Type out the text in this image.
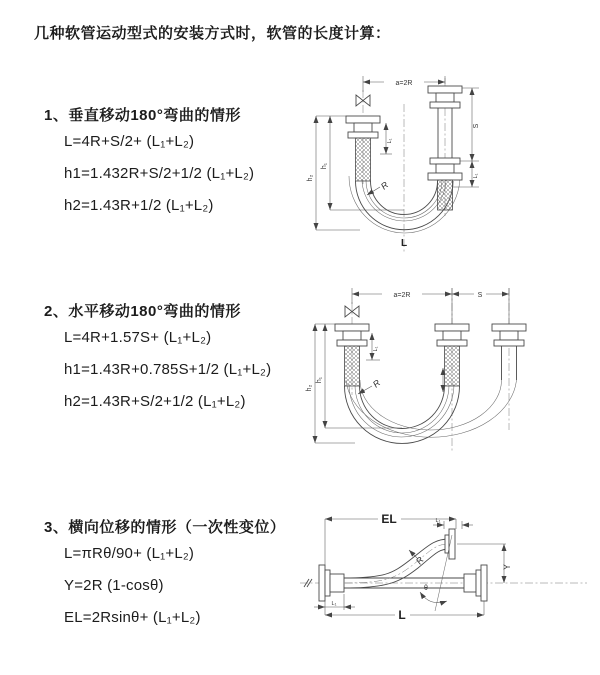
几种软管运动型式的安装方式时，软管的长度计算：
1、垂直移动180°弯曲的情形
L=4R+S/2+ (L₁+L₂)
h1=1.432R+S/2+1/2 (L₁+L₂)
h2=1.43R+1/2 (L₁+L₂)
2、水平移动180°弯曲的情形
L=4R+1.57S+ (L₁+L₂)
h1=1.43R+0.785S+1/2 (L₁+L₂)
h2=1.43R+S/2+1/2 (L₁+L₂)
3、横向位移的情形（一次性变位）
L=πRθ/90+ (L₁+L₂)
Y=2R (1-cosθ)
EL=2Rsinθ+ (L₁+L₂)
a=2R
h₂
h₁
L₁
S
L₁
R
L
a=2R	S
h₂
h₁
L₁
R
EL	L₁
Y
θ
R
L
L₁
